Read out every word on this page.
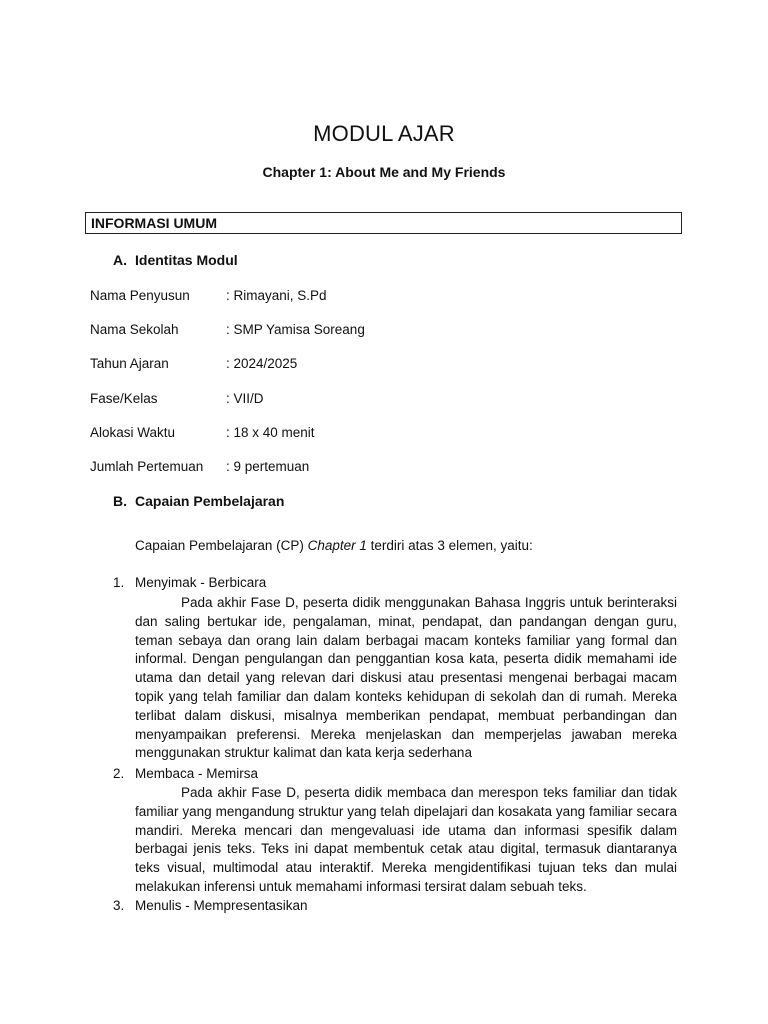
MODUL AJAR
Chapter 1: About Me and My Friends
INFORMASI UMUM
A. Identitas Modul
Nama Penyusun	: Rimayani, S.Pd
Nama Sekolah	: SMP Yamisa Soreang
Tahun Ajaran	: 2024/2025
Fase/Kelas	: VII/D
Alokasi Waktu	: 18 x 40 menit
Jumlah Pertemuan : 9 pertemuan
B. Capaian Pembelajaran
Capaian Pembelajaran (CP) Chapter 1 terdiri atas 3 elemen, yaitu:
1. Menyimak - Berbicara

Pada akhir Fase D, peserta didik menggunakan Bahasa Inggris untuk berinteraksi dan saling bertukar ide, pengalaman, minat, pendapat, dan pandangan dengan guru, teman sebaya dan orang lain dalam berbagai macam konteks familiar yang formal dan informal. Dengan pengulangan dan penggantian kosa kata, peserta didik memahami ide utama dan detail yang relevan dari diskusi atau presentasi mengenai berbagai macam topik yang telah familiar dan dalam konteks kehidupan di sekolah dan di rumah. Mereka terlibat dalam diskusi, misalnya memberikan pendapat, membuat perbandingan dan menyampaikan preferensi. Mereka menjelaskan dan memperjelas jawaban mereka menggunakan struktur kalimat dan kata kerja sederhana

2. Membaca - Memirsa

Pada akhir Fase D, peserta didik membaca dan merespon teks familiar dan tidak familiar yang mengandung struktur yang telah dipelajari dan kosakata yang familiar secara mandiri. Mereka mencari dan mengevaluasi ide utama dan informasi spesifik dalam berbagai jenis teks. Teks ini dapat membentuk cetak atau digital, termasuk diantaranya teks visual, multimodal atau interaktif. Mereka mengidentifikasi tujuan teks dan mulai melakukan inferensi untuk memahami informasi tersirat dalam sebuah teks.

3. Menulis - Mempresentasikan
